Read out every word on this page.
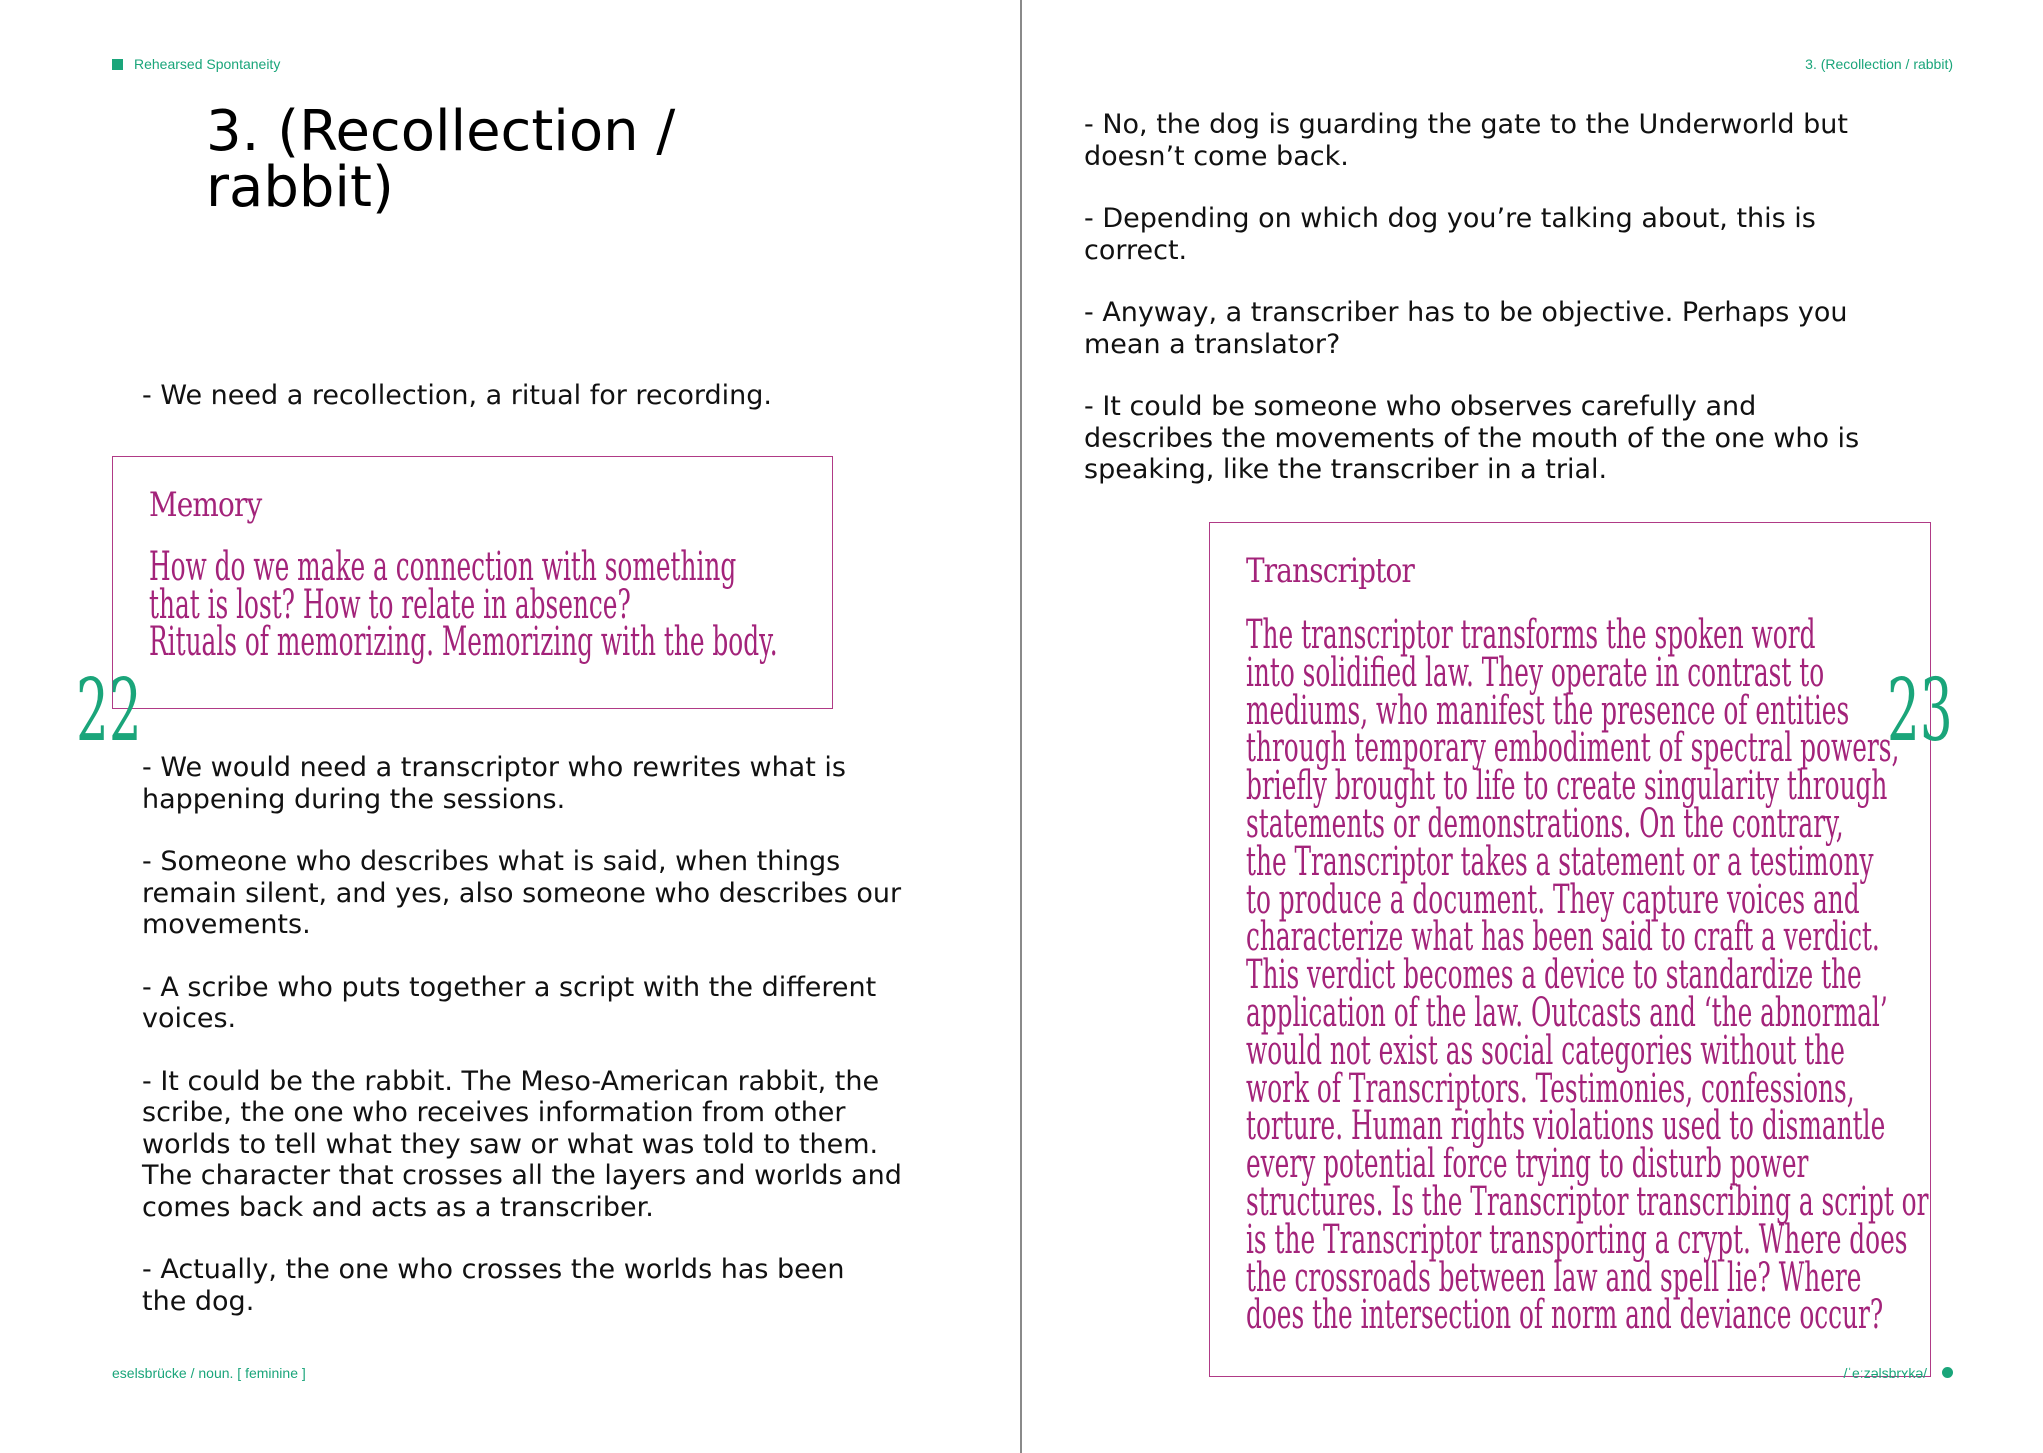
Rehearsed Spontaneity
3. (Recollection / rabbit)

- We need a recollection, a ritual for recording.

Memory

How do we make a connection with something
that is lost? How to relate in absence?
Rituals of memorizing. Memorizing with the body.
22

- We would need a transcriptor who rewrites what is
happening during the sessions.

- Someone who describes what is said, when things
remain silent, and yes, also someone who describes our
movements.

- A scribe who puts together a script with the different
voices.

- It could be the rabbit. The Meso-American rabbit, the
scribe, the one who receives information from other
worlds to tell what they saw or what was told to them.
The character that crosses all the layers and worlds and
comes back and acts as a transcriber.

- Actually, the one who crosses the worlds has been
the dog.

eselsbrücke / noun. [ feminine ]
3. (Recollection / rabbit)

- No, the dog is guarding the gate to the Underworld but
doesn’t come back.

- Depending on which dog you’re talking about, this is
correct.

- Anyway, a transcriber has to be objective. Perhaps you
mean a translator?

- It could be someone who observes carefully and
describes the movements of the mouth of the one who is
speaking, like the transcriber in a trial.

Transcriptor

The transcriptor transforms the spoken word
into solidified law. They operate in contrast to
mediums, who manifest the presence of entities
through temporary embodiment of spectral powers,
briefly brought to life to create singularity through
statements or demonstrations. On the contrary,
the Transcriptor takes a statement or a testimony
to produce a document. They capture voices and
characterize what has been said to craft a verdict.
This verdict becomes a device to standardize the
application of the law. Outcasts and ‘the abnormal’
would not exist as social categories without the
work of Transcriptors. Testimonies, confessions,
torture. Human rights violations used to dismantle
every potential force trying to disturb power
structures. Is the Transcriptor transcribing a script or
is the Transcriptor transporting a crypt. Where does
the crossroads between law and spell lie? Where
does the intersection of norm and deviance occur?
23
/ˈeːzəlsbrʏkə/
